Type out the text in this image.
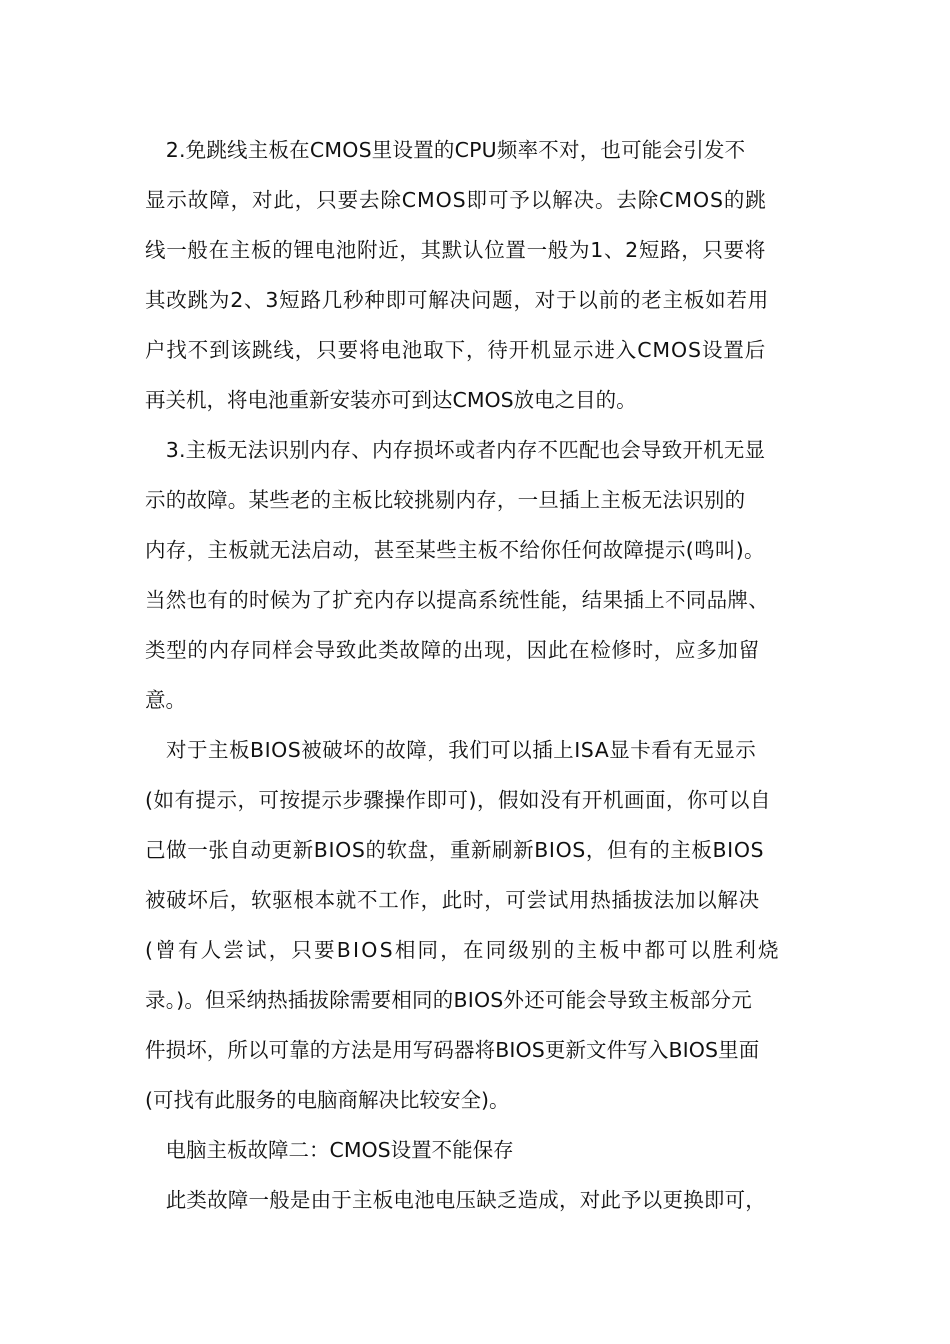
　2.免跳线主板在CMOS里设置的CPU频率不对，也可能会引发不

显示故障，对此，只要去除CMOS即可予以解决。去除CMOS的跳

线一般在主板的锂电池附近，其默认位置一般为1、2短路，只要将

其改跳为2、3短路几秒种即可解决问题，对于以前的老主板如若用

户找不到该跳线，只要将电池取下，待开机显示进入CMOS设置后

再关机，将电池重新安装亦可到达CMOS放电之目的。

　3.主板无法识别内存、内存损坏或者内存不匹配也会导致开机无显

示的故障。某些老的主板比较挑剔内存，一旦插上主板无法识别的

内存，主板就无法启动，甚至某些主板不给你任何故障提示(鸣叫)。

当然也有的时候为了扩充内存以提高系统性能，结果插上不同品牌、

类型的内存同样会导致此类故障的出现，因此在检修时，应多加留

意。

　对于主板BIOS被破坏的故障，我们可以插上ISA显卡看有无显示

(如有提示，可按提示步骤操作即可)，假如没有开机画面，你可以自

己做一张自动更新BIOS的软盘，重新刷新BIOS，但有的主板BIOS

被破坏后，软驱根本就不工作，此时，可尝试用热插拔法加以解决

(曾有人尝试，只要BIOS相同，在同级别的主板中都可以胜利烧

录。)。但采纳热插拔除需要相同的BIOS外还可能会导致主板部分元

件损坏，所以可靠的方法是用写码器将BIOS更新文件写入BIOS里面

(可找有此服务的电脑商解决比较安全)。

　电脑主板故障二：CMOS设置不能保存

　此类故障一般是由于主板电池电压缺乏造成，对此予以更换即可，
